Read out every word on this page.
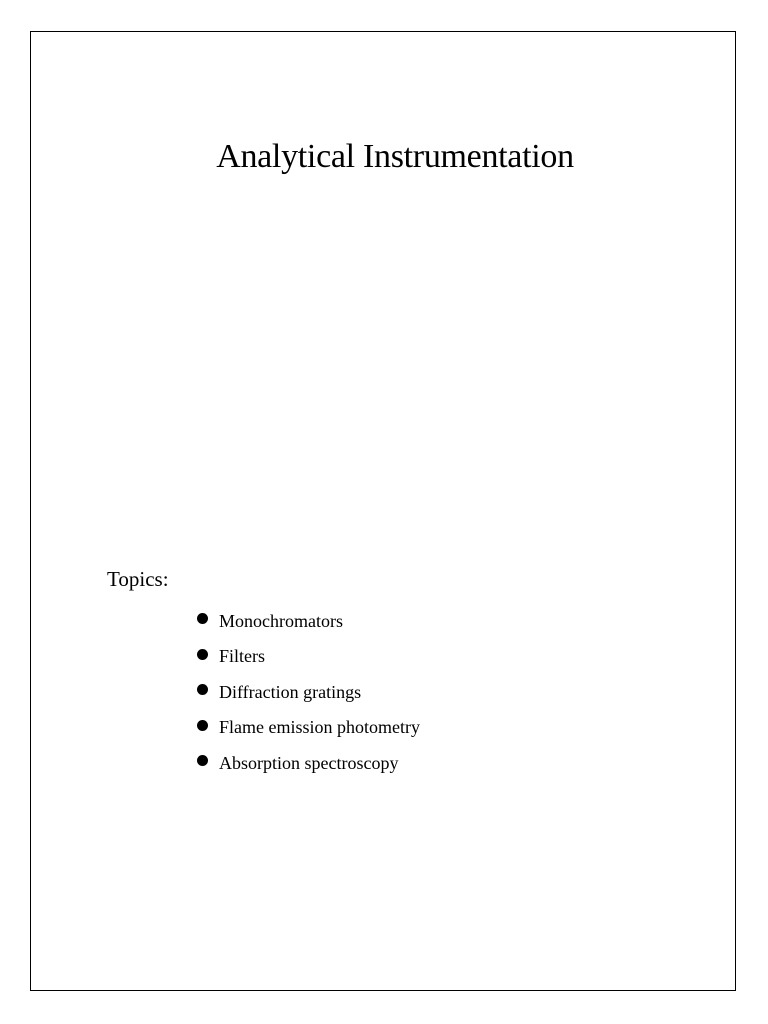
Analytical Instrumentation

Topics:

Monochromators
Filters
Diffraction gratings
Flame emission photometry
Absorption spectroscopy
